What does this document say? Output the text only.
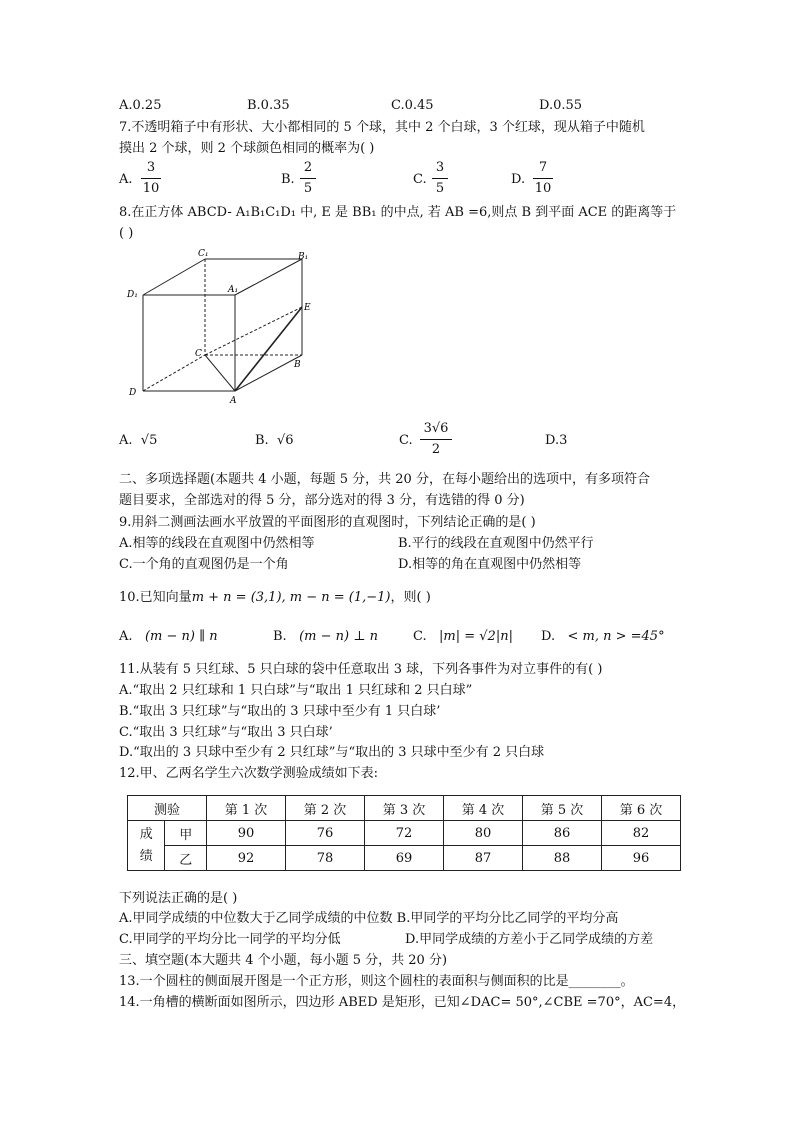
A.0.25	B.0.35	C.0.45	D.0.55
7.不透明箱子中有形状、大小都相同的 5 个球，其中 2 个白球，3 个红球，现从箱子中随机
摸出 2 个球，则 2 个球颜色相同的概率为( )
A.
3
10
B.
2
5
C.
3
5
D.
7
10
8.在正方体 ABCD- A₁B₁C₁D₁ 中, E 是 BB₁ 的中点, 若 AB =6,则点 B 到平面 ACE 的距离等于
( )
C₁	B₁
D₁	A₁
E
C
B
D
A
A. √5	B. √6	C.
3√6
2
D.3
二、多项选择题(本题共 4 小题，每题 5 分，共 20 分，在每小题给出的选项中，有多项符合
题目要求，全部选对的得 5 分，部分选对的得 3 分，有选错的得 0 分)
9.用斜二测画法画水平放置的平面图形的直观图时，下列结论正确的是( )
A.相等的线段在直观图中仍然相等	B.平行的线段在直观图中仍然平行
C.一个角的直观图仍是一个角	D.相等的角在直观图中仍然相等
10.已知向量m + n = (3,1), m − n = (1,−1)，则( )
A. (m − n) ∥ n	B. (m − n) ⊥ n	C. |m| = √2|n| D. < m, n > =45°
11.从装有 5 只红球、5 只白球的袋中任意取出 3 球，下列各事件为对立事件的有( )
A.“取出 2 只红球和 1 只白球”与“取出 1 只红球和 2 只白球”
B.“取出 3 只红球”与“取出的 3 只球中至少有 1 只白球’
C.“取出 3 只红球”与“取出 3 只白球’
D.“取出的 3 只球中至少有 2 只红球”与“取出的 3 只球中至少有 2 只白球
12.甲、乙两名学生六次数学测验成绩如下表:
测验		第 1 次	第 2 次	第 3 次	第 4 次	第 5 次	第 6 次
成
绩	甲	90	76	72	80	86	82
	乙	92	78	69	87	88	96
下列说法正确的是( )
A.甲同学成绩的中位数大于乙同学成绩的中位数 B.甲同学的平均分比乙同学的平均分高
C.甲同学的平均分比一同学的平均分低	D.甲同学成绩的方差小于乙同学成绩的方差
三、填空题(本大题共 4 个小题，每小题 5 分，共 20 分)
13.一个圆柱的侧面展开图是一个正方形，则这个圆柱的表面积与侧面积的比是________。
14.一角槽的横断面如图所示，四边形 ABED 是矩形，已知∠DAC= 50°,∠CBE =70°，AC=4，
